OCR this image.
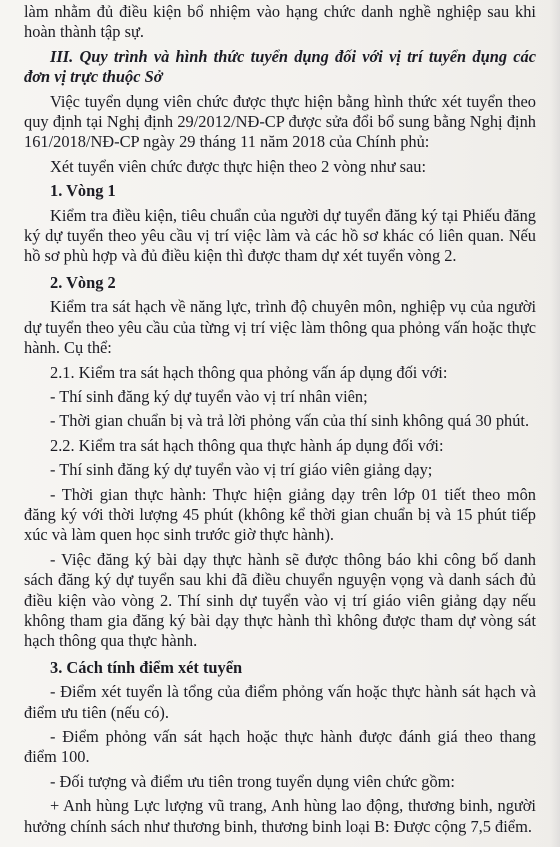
làm nhằm đủ điều kiện bổ nhiệm vào hạng chức danh nghề nghiệp sau khi hoàn thành tập sự.

III. Quy trình và hình thức tuyển dụng đối với vị trí tuyển dụng các đơn vị trực thuộc Sở

Việc tuyển dụng viên chức được thực hiện bằng hình thức xét tuyển theo quy định tại Nghị định 29/2012/NĐ-CP được sửa đổi bổ sung bằng Nghị định 161/2018/NĐ-CP ngày 29 tháng 11 năm 2018 của Chính phủ:

Xét tuyển viên chức được thực hiện theo 2 vòng như sau:

1. Vòng 1

Kiểm tra điều kiện, tiêu chuẩn của người dự tuyển đăng ký tại Phiếu đăng ký dự tuyển theo yêu cầu vị trí việc làm và các hồ sơ khác có liên quan. Nếu hồ sơ phù hợp và đủ điều kiện thì được tham dự xét tuyển vòng 2.

2. Vòng 2

Kiểm tra sát hạch về năng lực, trình độ chuyên môn, nghiệp vụ của người dự tuyển theo yêu cầu của từng vị trí việc làm thông qua phỏng vấn hoặc thực hành. Cụ thể:

2.1. Kiểm tra sát hạch thông qua phỏng vấn áp dụng đối với:

- Thí sinh đăng ký dự tuyển vào vị trí nhân viên;

- Thời gian chuẩn bị và trả lời phỏng vấn của thí sinh không quá 30 phút.

2.2. Kiểm tra sát hạch thông qua thực hành áp dụng đối với:

- Thí sinh đăng ký dự tuyển vào vị trí giáo viên giảng dạy;

- Thời gian thực hành: Thực hiện giảng dạy trên lớp 01 tiết theo môn đăng ký với thời lượng 45 phút (không kể thời gian chuẩn bị và 15 phút tiếp xúc và làm quen học sinh trước giờ thực hành).

- Việc đăng ký bài dạy thực hành sẽ được thông báo khi công bố danh sách đăng ký dự tuyển sau khi đã điều chuyển nguyện vọng và danh sách đủ điều kiện vào vòng 2. Thí sinh dự tuyển vào vị trí giáo viên giảng dạy nếu không tham gia đăng ký bài dạy thực hành thì không được tham dự vòng sát hạch thông qua thực hành.

3. Cách tính điểm xét tuyển

- Điểm xét tuyển là tổng của điểm phỏng vấn hoặc thực hành sát hạch và điểm ưu tiên (nếu có).

- Điểm phỏng vấn sát hạch hoặc thực hành được đánh giá theo thang điểm 100.

- Đối tượng và điểm ưu tiên trong tuyển dụng viên chức gồm:

+ Anh hùng Lực lượng vũ trang, Anh hùng lao động, thương binh, người hưởng chính sách như thương binh, thương binh loại B: Được cộng 7,5 điểm.
